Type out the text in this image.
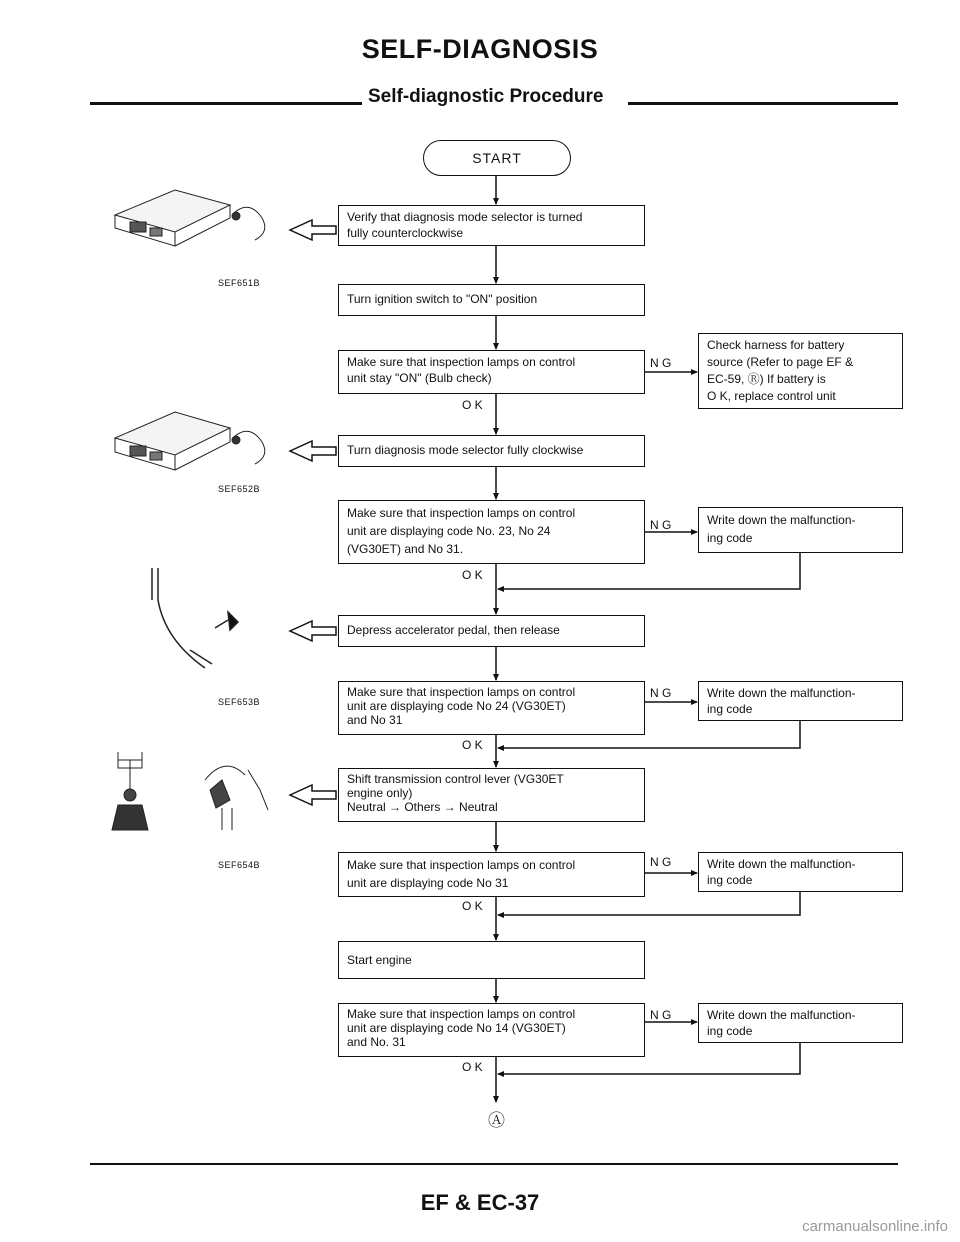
SELF-DIAGNOSIS
Self-diagnostic Procedure
START
Verify that diagnosis mode selector is turned
fully counterclockwise
Turn ignition switch to "ON" position
Make sure that inspection lamps on control
unit stay "ON" (Bulb check)
Turn diagnosis mode selector fully clockwise
Make sure that inspection lamps on control
unit are displaying code No. 23, No 24
(VG30ET) and No 31.
Depress accelerator pedal, then release
Make sure that inspection lamps on control
unit are displaying code No 24 (VG30ET)
and No 31
Shift transmission control lever (VG30ET
engine only)
Neutral → Others → Neutral
Make sure that inspection lamps on control
unit are displaying code No 31
Start engine
Make sure that inspection lamps on control
unit are displaying code No 14 (VG30ET)
and No. 31
Check harness for battery
source (Refer to page EF &
EC-59, Ⓡ) If battery is
O K, replace control unit
Write down the malfunction-
ing code
Write down the malfunction-
ing code
Write down the malfunction-
ing code
Write down the malfunction-
ing code
N G
N G
N G
N G
N G
O K
O K
O K
O K
O K
Ⓐ
SEF651B
SEF652B
SEF653B
SEF654B
EF & EC-37
carmanualsonline.info
